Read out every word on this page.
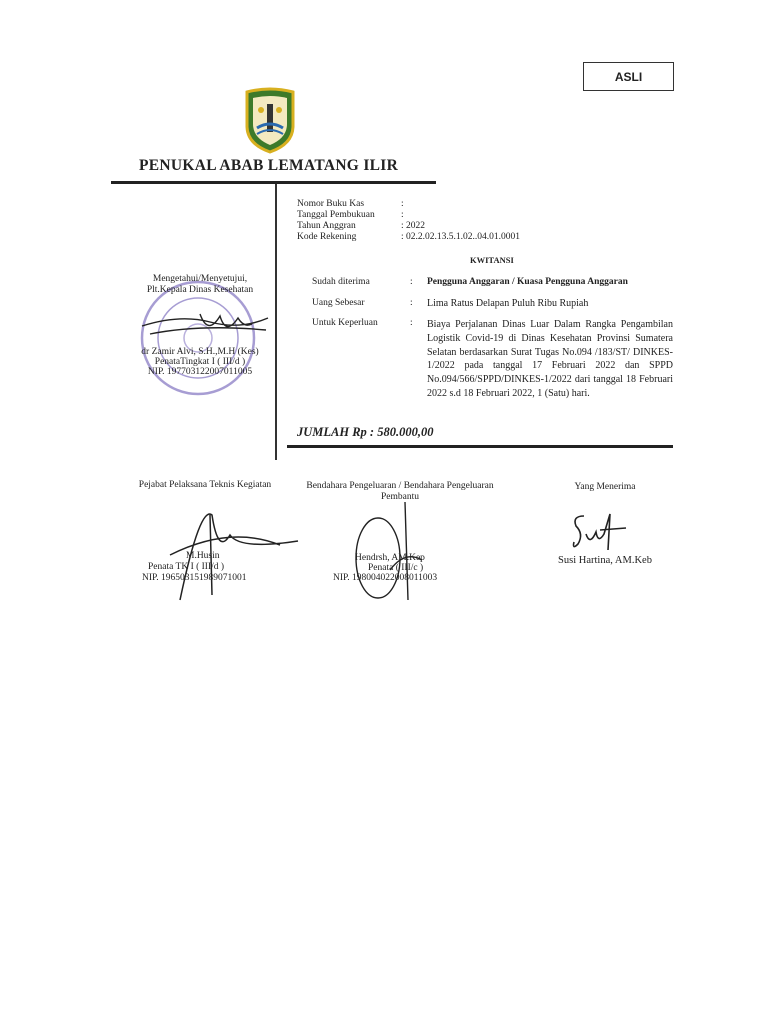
ASLI
PENUKAL ABAB LEMATANG ILIR
Nomor Buku Kas	:
Tanggal Pembukuan	:
Tahun Anggran	: 2022
Kode Rekening	: 02.2.02.13.5.1.02..04.01.0001
KWITANSI
Sudah diterima	: Pengguna Anggaran / Kuasa Pengguna Anggaran
Uang Sebesar	: Lima Ratus Delapan Puluh Ribu Rupiah
Untuk Keperluan	: Biaya Perjalanan Dinas Luar Dalam Rangka Pengambilan Logistik Covid-19 di Dinas Kesehatan Provinsi Sumatera Selatan berdasarkan Surat Tugas No.094 /183/ST/ DINKES-1/2022 pada tanggal 17 Februari 2022 dan SPPD No.094/566/SPPD/DINKES-1/2022 dari tanggal 18 Februari 2022 s.d 18 Februari 2022, 1 (Satu) hari.
JUMLAH Rp : 580.000,00
Mengetahui/Menyetujui,
Plt.Kepala Dinas Kesehatan
dr Zamir Alvi, S.H.,M.H (Kes)
PenataTingkat I ( III/d )
NIP. 197703122007011005
Pejabat Pelaksana Teknis Kegiatan
M.Husin
Penata TK I ( III/d )
NIP. 196503151989071001
Bendahara Pengeluaran / Bendahara Pengeluaran Pembantu
Hendrsh, AM.Kep
Penata ( III/c )
NIP. 198004022008011003
Yang Menerima
Susi Hartina, AM.Keb
